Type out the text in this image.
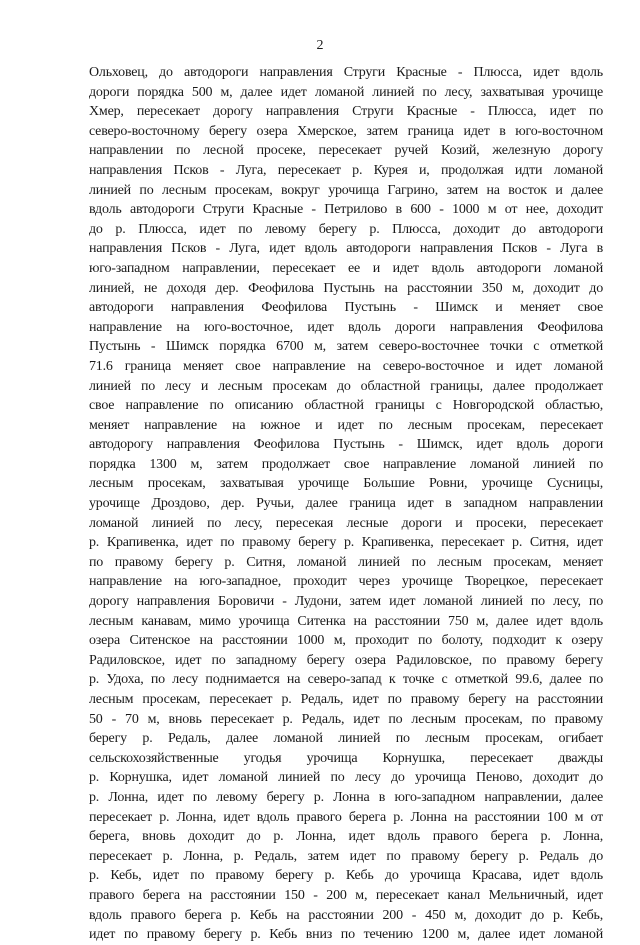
2
Ольховец, до автодороги направления Струги Красные - Плюсса, идет вдоль
дороги порядка 500 м, далее идет ломаной линией по лесу, захватывая урочище
Хмер, пересекает дорогу направления Струги Красные - Плюсса, идет по
северо-восточному берегу озера Хмерское, затем граница идет в юго-восточном
направлении по лесной просеке, пересекает ручей Козий, железную дорогу
направления Псков - Луга, пересекает р. Курея и, продолжая идти ломаной
линией по лесным просекам, вокруг урочища Гагрино, затем на восток и далее
вдоль автодороги Струги Красные - Петрилово в 600 - 1000 м от нее, доходит
до р. Плюсса, идет по левому берегу р. Плюсса, доходит до автодороги
направления Псков - Луга, идет вдоль автодороги направления Псков - Луга в
юго-западном направлении, пересекает ее и идет вдоль автодороги ломаной
линией, не доходя дер. Феофилова Пустынь на расстоянии 350 м, доходит до
автодороги направления Феофилова Пустынь - Шимск и меняет свое
направление на юго-восточное, идет вдоль дороги направления Феофилова
Пустынь - Шимск порядка 6700 м, затем северо-восточнее точки с отметкой
71.6 граница меняет свое направление на северо-восточное и идет ломаной
линией по лесу и лесным просекам до областной границы, далее продолжает
свое направление по описанию областной границы с Новгородской областью,
меняет направление на южное и идет по лесным просекам, пересекает
автодорогу направления Феофилова Пустынь - Шимск, идет вдоль дороги
порядка 1300 м, затем продолжает свое направление ломаной линией по
лесным просекам, захватывая урочище Большие Ровни, урочище Сусницы,
урочище Дроздово, дер. Ручьи, далее граница идет в западном направлении
ломаной линией по лесу, пересекая лесные дороги и просеки, пересекает
р. Крапивенка, идет по правому берегу р. Крапивенка, пересекает р. Ситня, идет
по правому берегу р. Ситня, ломаной линией по лесным просекам, меняет
направление на юго-западное, проходит через урочище Творецкое, пересекает
дорогу направления Боровичи - Лудони, затем идет ломаной линией по лесу, по
лесным канавам, мимо урочища Ситенка на расстоянии 750 м, далее идет вдоль
озера Ситенское на расстоянии 1000 м, проходит по болоту, подходит к озеру
Радиловское, идет по западному берегу озера Радиловское, по правому берегу
р. Удоха, по лесу поднимается на северо-запад к точке с отметкой 99.6, далее по
лесным просекам, пересекает р. Редаль, идет по правому берегу на расстоянии
50 - 70 м, вновь пересекает р. Редаль, идет по лесным просекам, по правому
берегу р. Редаль, далее ломаной линией по лесным просекам, огибает
сельскохозяйственные угодья урочища Корнушка, пересекает дважды
р. Корнушка, идет ломаной линией по лесу до урочища Пеново, доходит до
р. Лонна, идет по левому берегу р. Лонна в юго-западном направлении, далее
пересекает р. Лонна, идет вдоль правого берега р. Лонна на расстоянии 100 м от
берега, вновь доходит до р. Лонна, идет вдоль правого берега р. Лонна,
пересекает р. Лонна, р. Редаль, затем идет по правому берегу р. Редаль до
р. Кебь, идет по правому берегу р. Кебь до урочища Красава, идет вдоль
правого берега на расстоянии 150 - 200 м, пересекает канал Мельничный, идет
вдоль правого берега р. Кебь на расстоянии 200 - 450 м, доходит до р. Кебь,
идет по правому берегу р. Кебь вниз по течению 1200 м, далее идет ломаной
